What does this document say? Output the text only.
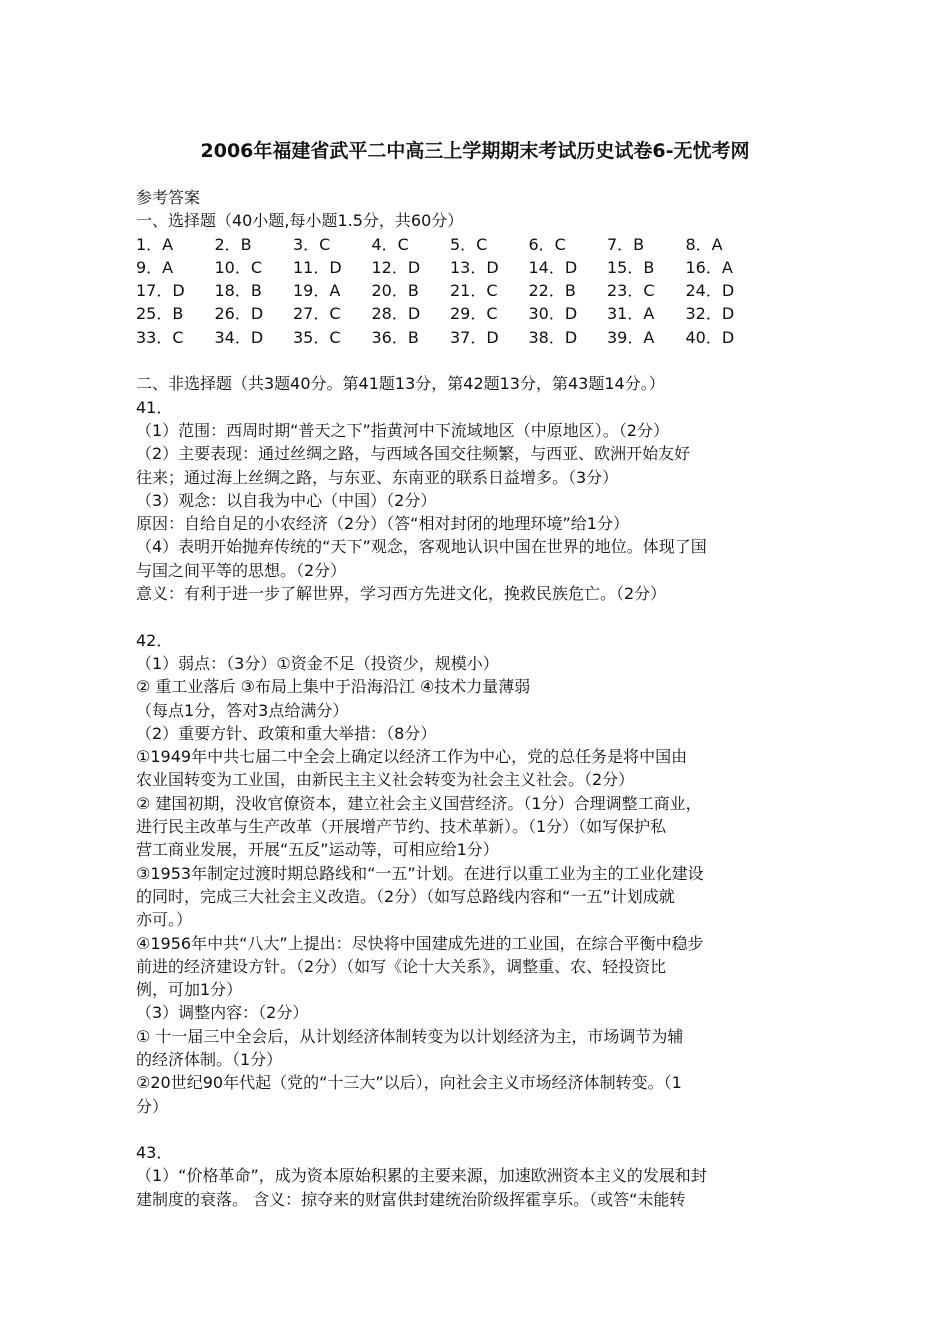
2006年福建省武平二中高三上学期期末考试历史试卷6-无忧考网
参考答案
一、选择题（40小题,每小题1.5分，共60分）
1．A	2．B	3．C	4．C	5．C	6．C	7．B	8．A
9．A	10．C	11．D	12．D	13．D	14．D	15．B	16．A
17．D	18．B	19．A	20．B	21．C	22．B	23．C	24．D
25．B	26．D	27．C	28．D	29．C	30．D	31．A	32．D
33．C	34．D	35．C	36．B	37．D	38．D	39．A	40．D
二、非选择题（共3题40分。第41题13分，第42题13分，第43题14分。）
41．
（1）范围：西周时期“普天之下”指黄河中下流域地区（中原地区）。（2分）
（2）主要表现：通过丝绸之路，与西域各国交往频繁，与西亚、欧洲开始友好
往来；通过海上丝绸之路，与东亚、东南亚的联系日益增多。（3分）
（3）观念：以自我为中心（中国）（2分）
原因：自给自足的小农经济（2分）（答“相对封闭的地理环境”给1分）
（4）表明开始抛弃传统的“天下”观念，客观地认识中国在世界的地位。体现了国
与国之间平等的思想。（2分）
意义：有利于进一步了解世界，学习西方先进文化，挽救民族危亡。（2分）
42．
（1）弱点：（3分）①资金不足（投资少，规模小）
② 重工业落后 ③布局上集中于沿海沿江 ④技术力量薄弱
（每点1分，答对3点给满分）
（2）重要方针、政策和重大举措：（8分）
①1949年中共七届二中全会上确定以经济工作为中心，党的总任务是将中国由
农业国转变为工业国，由新民主主义社会转变为社会主义社会。（2分）
② 建国初期，没收官僚资本，建立社会主义国营经济。（1分）合理调整工商业，
进行民主改革与生产改革（开展增产节约、技术革新）。（1分）（如写保护私
营工商业发展，开展“五反”运动等，可相应给1分）
③1953年制定过渡时期总路线和“一五”计划。在进行以重工业为主的工业化建设
的同时，完成三大社会主义改造。（2分）（如写总路线内容和“一五”计划成就
亦可。）
④1956年中共“八大”上提出：尽快将中国建成先进的工业国，在综合平衡中稳步
前进的经济建设方针。（2分）（如写《论十大关系》，调整重、农、轻投资比
例，可加1分）
（3）调整内容：（2分）
① 十一届三中全会后，从计划经济体制转变为以计划经济为主，市场调节为辅
的经济体制。（1分）
②20世纪90年代起（党的“十三大”以后），向社会主义市场经济体制转变。（1
分）
43．
（1）“价格革命”，成为资本原始积累的主要来源，加速欧洲资本主义的发展和封
建制度的衰落。 含义：掠夺来的财富供封建统治阶级挥霍享乐。（或答“未能转
